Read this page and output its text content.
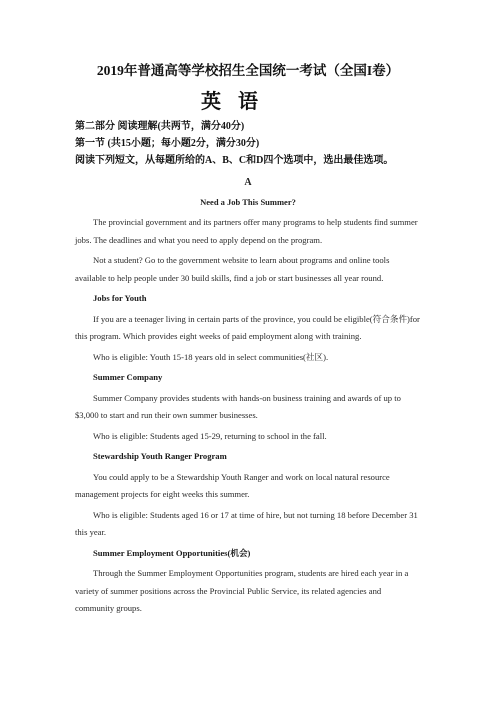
2019年普通高等学校招生全国统一考试（全国I卷）
英 语

第二部分 阅读理解(共两节，满分40分)

第一节 (共15小题；每小题2分，满分30分)

阅读下列短文，从每题所给的A、B、C和D四个选项中，选出最佳选项。

A

Need a Job This Summer?

The provincial government and its partners offer many programs to help students find summer jobs. The deadlines and what you need to apply depend on the program.

Not a student? Go to the government website to learn about programs and online tools available to help people under 30 build skills, find a job or start businesses all year round.

Jobs for Youth

If you are a teenager living in certain parts of the province, you could be eligible(符合条件)for this program. Which provides eight weeks of paid employment along with training.

Who is eligible: Youth 15-18 years old in select communities(社区).

Summer Company

Summer Company provides students with hands-on business training and awards of up to $3,000 to start and run their own summer businesses.

Who is eligible: Students aged 15-29, returning to school in the fall.

Stewardship Youth Ranger Program

You could apply to be a Stewardship Youth Ranger and work on local natural resource management projects for eight weeks this summer.

Who is eligible: Students aged 16 or 17 at time of hire, but not turning 18 before December 31 this year.

Summer Employment Opportunities(机会)

Through the Summer Employment Opportunities program, students are hired each year in a variety of summer positions across the Provincial Public Service, its related agencies and community groups.
